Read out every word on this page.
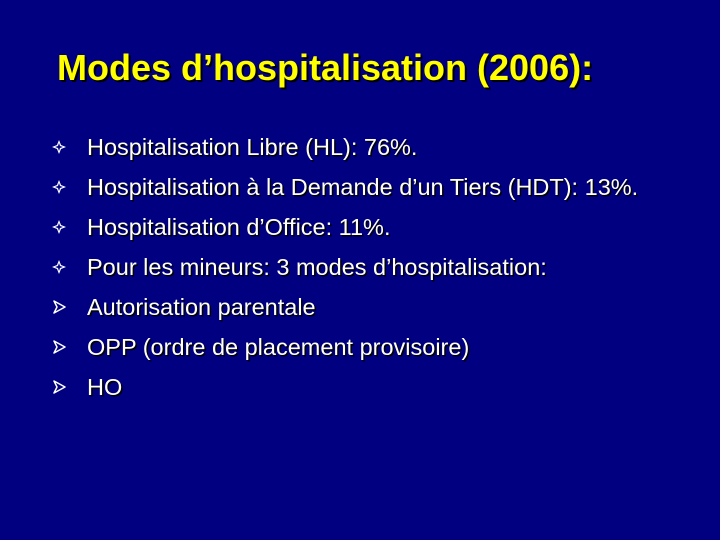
Modes d’hospitalisation (2006):
Hospitalisation Libre (HL): 76%.
Hospitalisation à la Demande d’un Tiers (HDT): 13%.
Hospitalisation d’Office: 11%.
Pour les mineurs: 3 modes d’hospitalisation:
Autorisation parentale
OPP (ordre de placement provisoire)
HO
